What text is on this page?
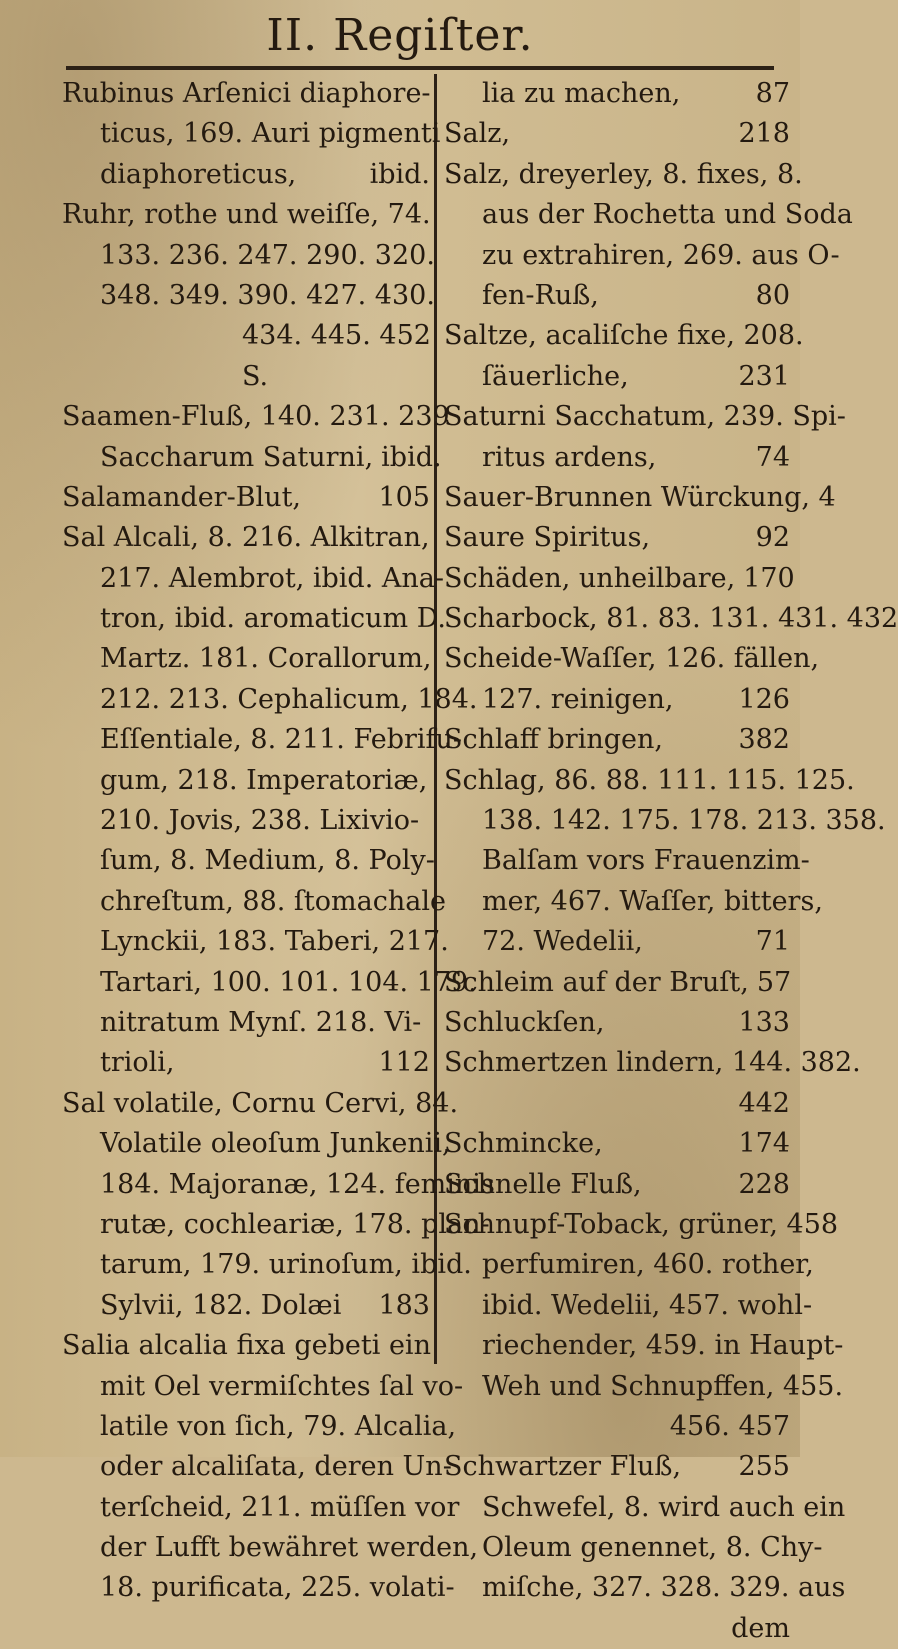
II. Regiſter.
Rubinus Arſenici diaphore-
ticus, 169. Auri pigmenti
diaphoreticus,	ibid.
Ruhr, rothe und weiſſe, 74.
133. 236. 247. 290. 320.
348. 349. 390. 427. 430.
434. 445. 452
S.
Saamen-Fluß, 140. 231. 239
Saccharum Saturni, ibid.
Salamander-Blut,	105
Sal Alcali, 8. 216. Alkitran,
217. Alembrot, ibid. Ana-
tron, ibid. aromaticum D.
Martz. 181. Corallorum,
212. 213. Cephalicum, 184.
Eſſentiale, 8. 211. Febrifu-
gum, 218. Imperatoriæ,
210. Jovis, 238. Lixivio-
ſum, 8. Medium, 8. Poly-
chreſtum, 88. ſtomachale
Lynckii, 183. Taberi, 217.
Tartari, 100. 101. 104. 179.
nitratum Mynſ. 218. Vi-
trioli,	112
Sal volatile, Cornu Cervi, 84.
Volatile oleoſum Junkenii,
184. Majoranæ, 124. feminis
rutæ, cochleariæ, 178. plan-
tarum, 179. urinoſum, ibid.
Sylvii, 182. Dolæi 183
Salia alcalia fixa gebeti ein
mit Oel vermiſchtes ſal vo-
latile von ſich, 79. Alcalia,
oder alcaliſata, deren Un-
terſcheid, 211. müſſen vor
der Lufft bewähret werden,
18. purificata, 225. volati-
lia zu machen,	87
Salz,	218
Salz, dreyerley, 8. fixes, 8.
aus der Rochetta und Soda
zu extrahiren, 269. aus O-
fen-Ruß,	80
Saltze, acaliſche fixe, 208.
ſäuerliche,	231
Saturni Sacchatum, 239. Spi-
ritus ardens,	74
Sauer-Brunnen Würckung, 4
Saure Spiritus,	92
Schäden, unheilbare, 170
Scharbock, 81. 83. 131. 431. 432
Scheide-Waſſer, 126. fällen,
127. reinigen, 126
Schlaff bringen,	382
Schlag, 86. 88. 111. 115. 125.
138. 142. 175. 178. 213. 358.
Balſam vors Frauenzim-
mer, 467. Waſſer, bitters,
72. Wedelii,	71
Schleim auf der Bruſt, 57
Schluckſen,	133
Schmertzen lindern, 144. 382.
442
Schmincke,	174
Schnelle Fluß,	228
Schnupf-Toback, grüner, 458
perfumiren, 460. rother,
ibid. Wedelii, 457. wohl-
riechender, 459. in Haupt-
Weh und Schnupffen, 455.
456. 457
Schwartzer Fluß, 255
Schwefel, 8. wird auch ein
Oleum genennet, 8. Chy-
miſche, 327. 328. 329. aus
dem
